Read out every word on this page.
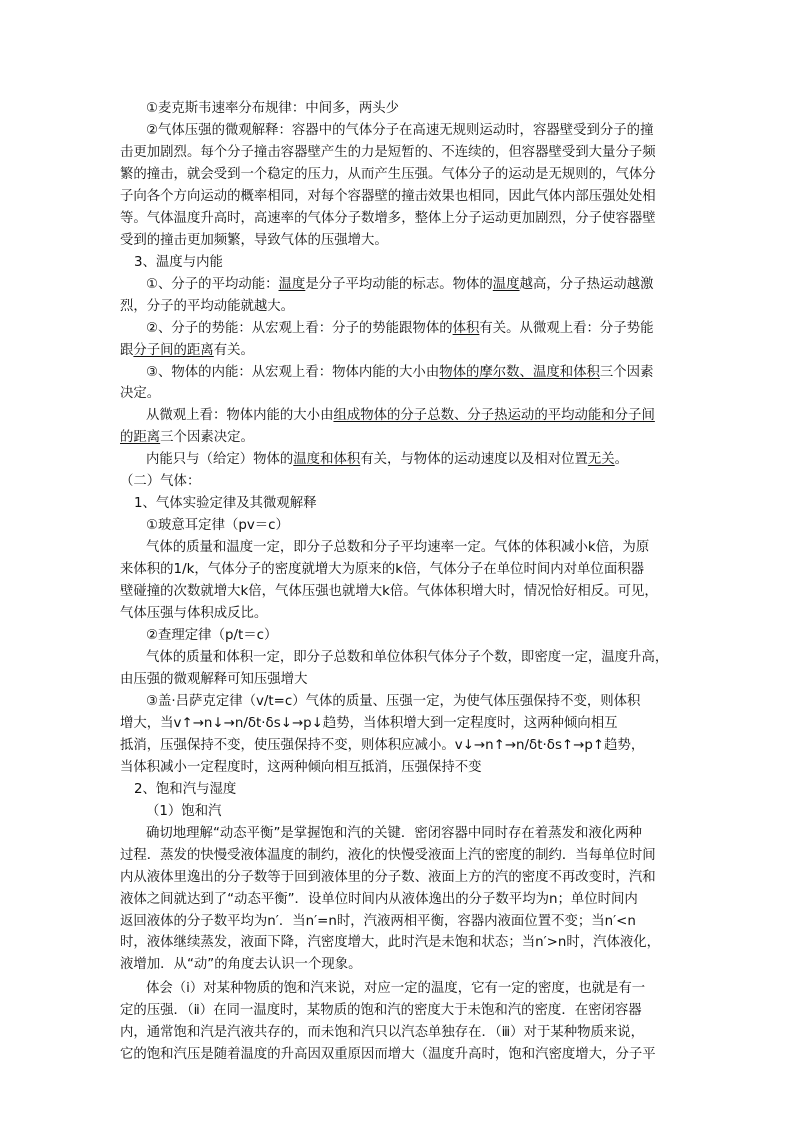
①麦克斯韦速率分布规律：中间多，两头少
②气体压强的微观解释：容器中的气体分子在高速无规则运动时，容器壁受到分子的撞
击更加剧烈。每个分子撞击容器壁产生的力是短暂的、不连续的，但容器壁受到大量分子频
繁的撞击，就会受到一个稳定的压力，从而产生压强。气体分子的运动是无规则的，气体分
子向各个方向运动的概率相同，对每个容器壁的撞击效果也相同，因此气体内部压强处处相
等。气体温度升高时，高速率的气体分子数增多，整体上分子运动更加剧烈，分子使容器壁
受到的撞击更加频繁，导致气体的压强增大。
3、温度与内能
①、分子的平均动能：温度是分子平均动能的标志。物体的温度越高，分子热运动越激
烈，分子的平均动能就越大。
②、分子的势能：从宏观上看：分子的势能跟物体的体积有关。从微观上看：分子势能
跟分子间的距离有关。
③、物体的内能：从宏观上看：物体内能的大小由物体的摩尔数、温度和体积三个因素
决定。
从微观上看：物体内能的大小由组成物体的分子总数、分子热运动的平均动能和分子间
的距离三个因素决定。
内能只与（给定）物体的温度和体积有关，与物体的运动速度以及相对位置无关。
（二）气体：
1、气体实验定律及其微观解释
①玻意耳定律（pv＝c）
气体的质量和温度一定，即分子总数和分子平均速率一定。气体的体积减小k倍，为原
来体积的1/k，气体分子的密度就增大为原来的k倍，气体分子在单位时间内对单位面积器
壁碰撞的次数就增大k倍，气体压强也就增大k倍。气体体积增大时，情况恰好相反。可见，
气体压强与体积成反比。
②查理定律（p/t＝c）
气体的质量和体积一定，即分子总数和单位体积气体分子个数，即密度一定，温度升高，
由压强的微观解释可知压强增大
③盖·吕萨克定律（v/t=c）气体的质量、压强一定，为使气体压强保持不变，则体积
增大，当v↑→n↓→n/δt·δs↓→p↓趋势，当体积增大到一定程度时，这两种倾向相互
抵消，压强保持不变，使压强保持不变，则体积应减小。v↓→n↑→n/δt·δs↑→p↑趋势，
当体积减小一定程度时，这两种倾向相互抵消，压强保持不变
2、饱和汽与湿度
（1）饱和汽
确切地理解“动态平衡”是掌握饱和汽的关键．密闭容器中同时存在着蒸发和液化两种
过程．蒸发的快慢受液体温度的制约，液化的快慢受液面上汽的密度的制约．当每单位时间
内从液体里逸出的分子数等于回到液体里的分子数、液面上方的汽的密度不再改变时，汽和
液体之间就达到了“动态平衡”．设单位时间内从液体逸出的分子数平均为n；单位时间内
返回液体的分子数平均为n′．当n′=n时，汽液两相平衡，容器内液面位置不变；当n′<n
时，液体继续蒸发，液面下降，汽密度增大，此时汽是未饱和状态；当n′>n时，汽体液化，
液增加．从“动”的角度去认识一个现象。
体会（i）对某种物质的饱和汽来说，对应一定的温度，它有一定的密度，也就是有一
定的压强．（ⅱ）在同一温度时，某物质的饱和汽的密度大于未饱和汽的密度．在密闭容器
内，通常饱和汽是汽液共存的，而未饱和汽只以汽态单独存在．（ⅲ）对于某种物质来说，
它的饱和汽压是随着温度的升高因双重原因而增大（温度升高时，饱和汽密度增大，分子平
